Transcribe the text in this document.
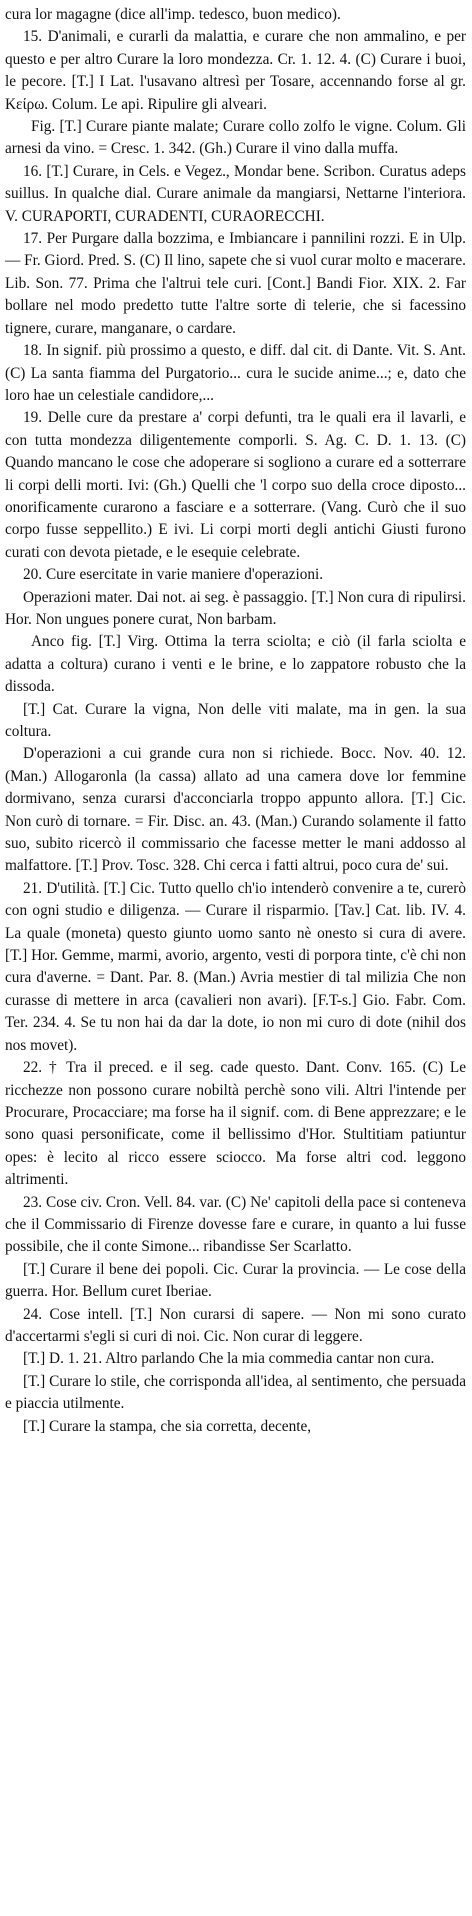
cura lor magagne (dice all'imp. tedesco, buon medico).

15. D'animali, e curarli da malattia, e curare che non ammalino, e per questo e per altro Curare la loro mondezza. Cr. 1. 12. 4. (C) Curare i buoi, le pecore. [T.] I Lat. l'usavano altresì per Tosare, accennando forse al gr. Κείρω. Colum. Le api. Ripulire gli alveari.

Fig. [T.] Curare piante malate; Curare collo zolfo le vigne. Colum. Gli arnesi da vino. = Cresc. 1. 342. (Gh.) Curare il vino dalla muffa.

16. [T.] Curare, in Cels. e Vegez., Mondar bene. Scribon. Curatus adeps suillus. In qualche dial. Curare animale da mangiarsi, Nettarne l'interiora. V. CURAPORTI, CURADENTI, CURAORECCHI.

17. Per Purgare dalla bozzima, e Imbiancare i pannilini rozzi. E in Ulp. — Fr. Giord. Pred. S. (C) Il lino, sapete che si vuol curar molto e macerare. Lib. Son. 77. Prima che l'altrui tele curi. [Cont.] Bandi Fior. XIX. 2. Far bollare nel modo predetto tutte l'altre sorte di telerie, che si facessino tignere, curare, manganare, o cardare.

18. In signif. più prossimo a questo, e diff. dal cit. di Dante. Vit. S. Ant. (C) La santa fiamma del Purgatorio... cura le sucide anime...; e, dato che loro hae un celestiale candidore,...

19. Delle cure da prestare a' corpi defunti, tra le quali era il lavarli, e con tutta mondezza diligentemente comporli. S. Ag. C. D. 1. 13. (C) Quando mancano le cose che adoperare si sogliono a curare ed a sotterrare li corpi delli morti. Ivi: (Gh.) Quelli che 'l corpo suo della croce diposto... onorificamente curarono a fasciare e a sotterrare. (Vang. Curò che il suo corpo fusse seppellito.) E ivi. Li corpi morti degli antichi Giusti furono curati con devota pietade, e le esequie celebrate.

20. Cure esercitate in varie maniere d'operazioni.

Operazioni mater. Dai not. ai seg. è passaggio. [T.] Non cura di ripulirsi. Hor. Non ungues ponere curat, Non barbam.

Anco fig. [T.] Virg. Ottima la terra sciolta; e ciò (il farla sciolta e adatta a coltura) curano i venti e le brine, e lo zappatore robusto che la dissoda.

[T.] Cat. Curare la vigna, Non delle viti malate, ma in gen. la sua coltura.

D'operazioni a cui grande cura non si richiede. Bocc. Nov. 40. 12. (Man.) Allogaronla (la cassa) allato ad una camera dove lor femmine dormivano, senza curarsi d'acconciarla troppo appunto allora. [T.] Cic. Non curò di tornare. = Fir. Disc. an. 43. (Man.) Curando solamente il fatto suo, subito ricercò il commissario che facesse metter le mani addosso al malfattore. [T.] Prov. Tosc. 328. Chi cerca i fatti altrui, poco cura de' sui.

21. D'utilità. [T.] Cic. Tutto quello ch'io intenderò convenire a te, curerò con ogni studio e diligenza. — Curare il risparmio. [Tav.] Cat. lib. IV. 4. La quale (moneta) questo giunto uomo santo nè onesto si cura di avere. [T.] Hor. Gemme, marmi, avorio, argento, vesti di porpora tinte, c'è chi non cura d'averne. = Dant. Par. 8. (Man.) Avria mestier di tal milizia Che non curasse di mettere in arca (cavalieri non avari). [F.T-s.] Gio. Fabr. Com. Ter. 234. 4. Se tu non hai da dar la dote, io non mi curo di dote (nihil dos nos movet).

22. † Tra il preced. e il seg. cade questo. Dant. Conv. 165. (C) Le ricchezze non possono curare nobiltà perchè sono vili. Altri l'intende per Procurare, Procacciare; ma forse ha il signif. com. di Bene apprezzare; e le sono quasi personificate, come il bellissimo d'Hor. Stultitiam patiuntur opes: è lecito al ricco essere sciocco. Ma forse altri cod. leggono altrimenti.

23. Cose civ. Cron. Vell. 84. var. (C) Ne' capitoli della pace si conteneva che il Commissario di Firenze dovesse fare e curare, in quanto a lui fusse possibile, che il conte Simone... ribandisse Ser Scarlatto.

[T.] Curare il bene dei popoli. Cic. Curar la provincia. — Le cose della guerra. Hor. Bellum curet Iberiae.

24. Cose intell. [T.] Non curarsi di sapere. — Non mi sono curato d'accertarmi s'egli si curi di noi. Cic. Non curar di leggere.

[T.] D. 1. 21. Altro parlando Che la mia commedia cantar non cura.

[T.] Curare lo stile, che corrisponda all'idea, al sentimento, che persuada e piaccia utilmente.

[T.] Curare la stampa, che sia corretta, decente,
